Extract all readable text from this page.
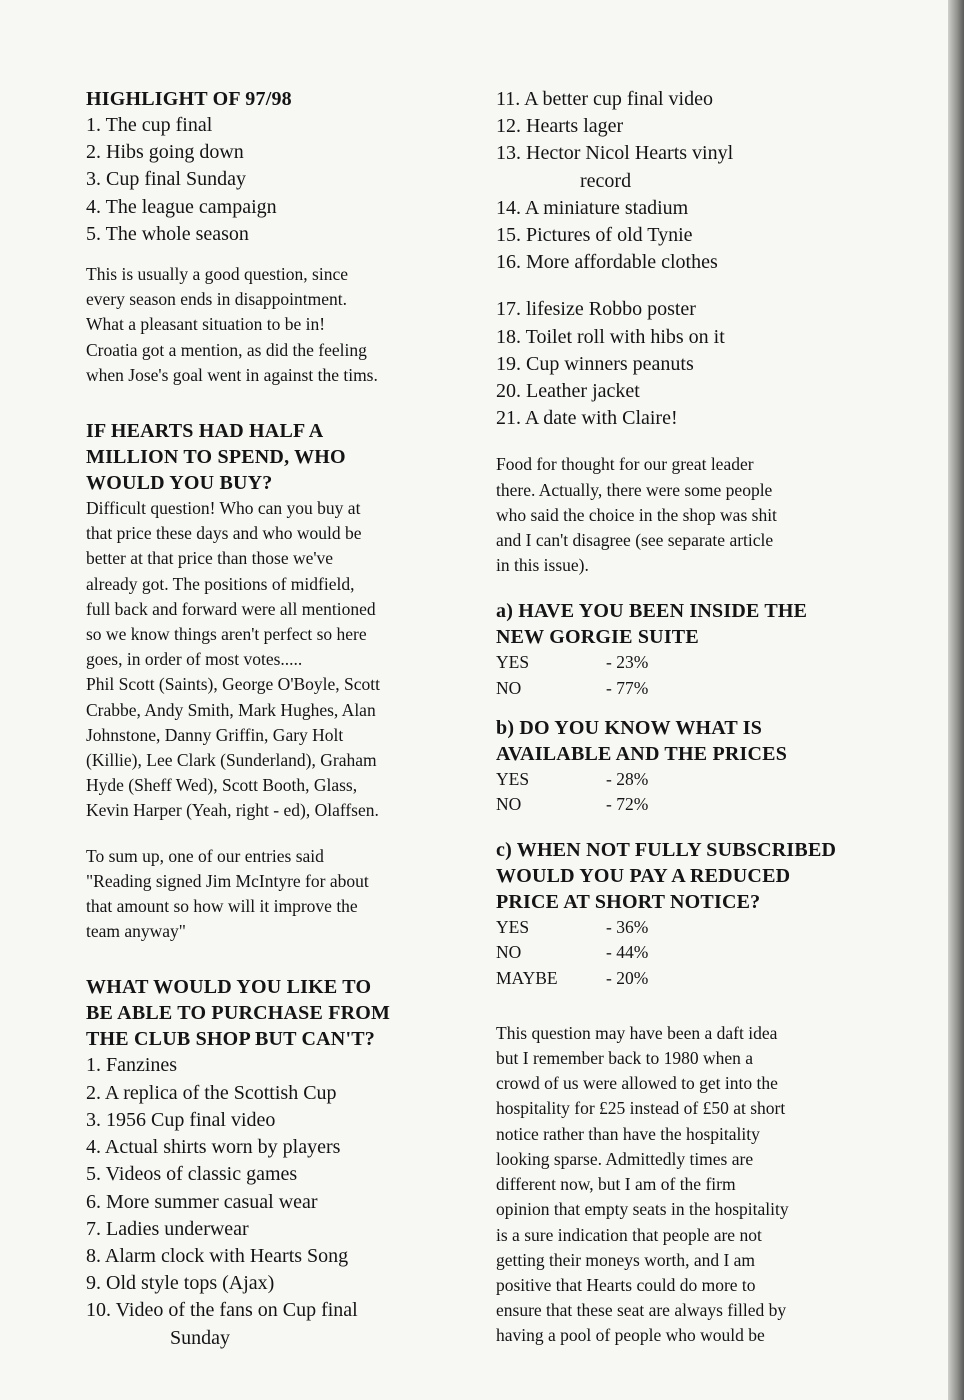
HIGHLIGHT OF 97/98
1. The cup final
2. Hibs going down
3. Cup final Sunday
4. The league campaign
5. The whole season

This is usually a good question, since

every season ends in disappointment.

What a pleasant situation to be in!

Croatia got a mention, as did the feeling

when Jose's goal went in against the tims.

IF HEARTS HAD HALF A
MILLION TO SPEND, WHO
WOULD YOU BUY?

Difficult question! Who can you buy at

that price these days and who would be

better at that price than those we've

already got. The positions of midfield,

full back and forward were all mentioned

so we know things aren't perfect so here

goes, in order of most votes.....

Phil Scott (Saints), George O'Boyle, Scott

Crabbe, Andy Smith, Mark Hughes, Alan

Johnstone, Danny Griffin, Gary Holt

(Killie), Lee Clark (Sunderland), Graham

Hyde (Sheff Wed), Scott Booth, Glass,

Kevin Harper (Yeah, right - ed), Olaffsen.

To sum up, one of our entries said

"Reading signed Jim McIntyre for about

that amount so how will it improve the

team anyway"

WHAT WOULD YOU LIKE TO
BE ABLE TO PURCHASE FROM
THE CLUB SHOP BUT CAN'T?
1. Fanzines
2. A replica of the Scottish Cup
3. 1956 Cup final video
4. Actual shirts worn by players
5. Videos of classic games
6. More summer casual wear
7. Ladies underwear
8. Alarm clock with Hearts Song
9. Old style tops (Ajax)
10. Video of the fans on Cup final
Sunday
11. A better cup final video
12. Hearts lager
13. Hector Nicol Hearts vinyl
record
14. A miniature stadium
15. Pictures of old Tynie
16. More affordable clothes
17. lifesize Robbo poster
18. Toilet roll with hibs on it
19. Cup winners peanuts
20. Leather jacket
21. A date with Claire!

Food for thought for our great leader

there. Actually, there were some people

who said the choice in the shop was shit

and I can't disagree (see separate article

in this issue).

a) HAVE YOU BEEN INSIDE THE
NEW GORGIE SUITE
YES	- 23%
NO	- 77%
b) DO YOU KNOW WHAT IS
AVAILABLE AND THE PRICES
YES	- 28%
NO	- 72%
c) WHEN NOT FULLY SUBSCRIBED
WOULD YOU PAY A REDUCED
PRICE AT SHORT NOTICE?
YES	- 36%
NO	- 44%
MAYBE	- 20%

This question may have been a daft idea

but I remember back to 1980 when a

crowd of us were allowed to get into the

hospitality for £25 instead of £50 at short

notice rather than have the hospitality

looking sparse. Admittedly times are

different now, but I am of the firm

opinion that empty seats in the hospitality

is a sure indication that people are not

getting their moneys worth, and I am

positive that Hearts could do more to

ensure that these seat are always filled by

having a pool of people who would be
